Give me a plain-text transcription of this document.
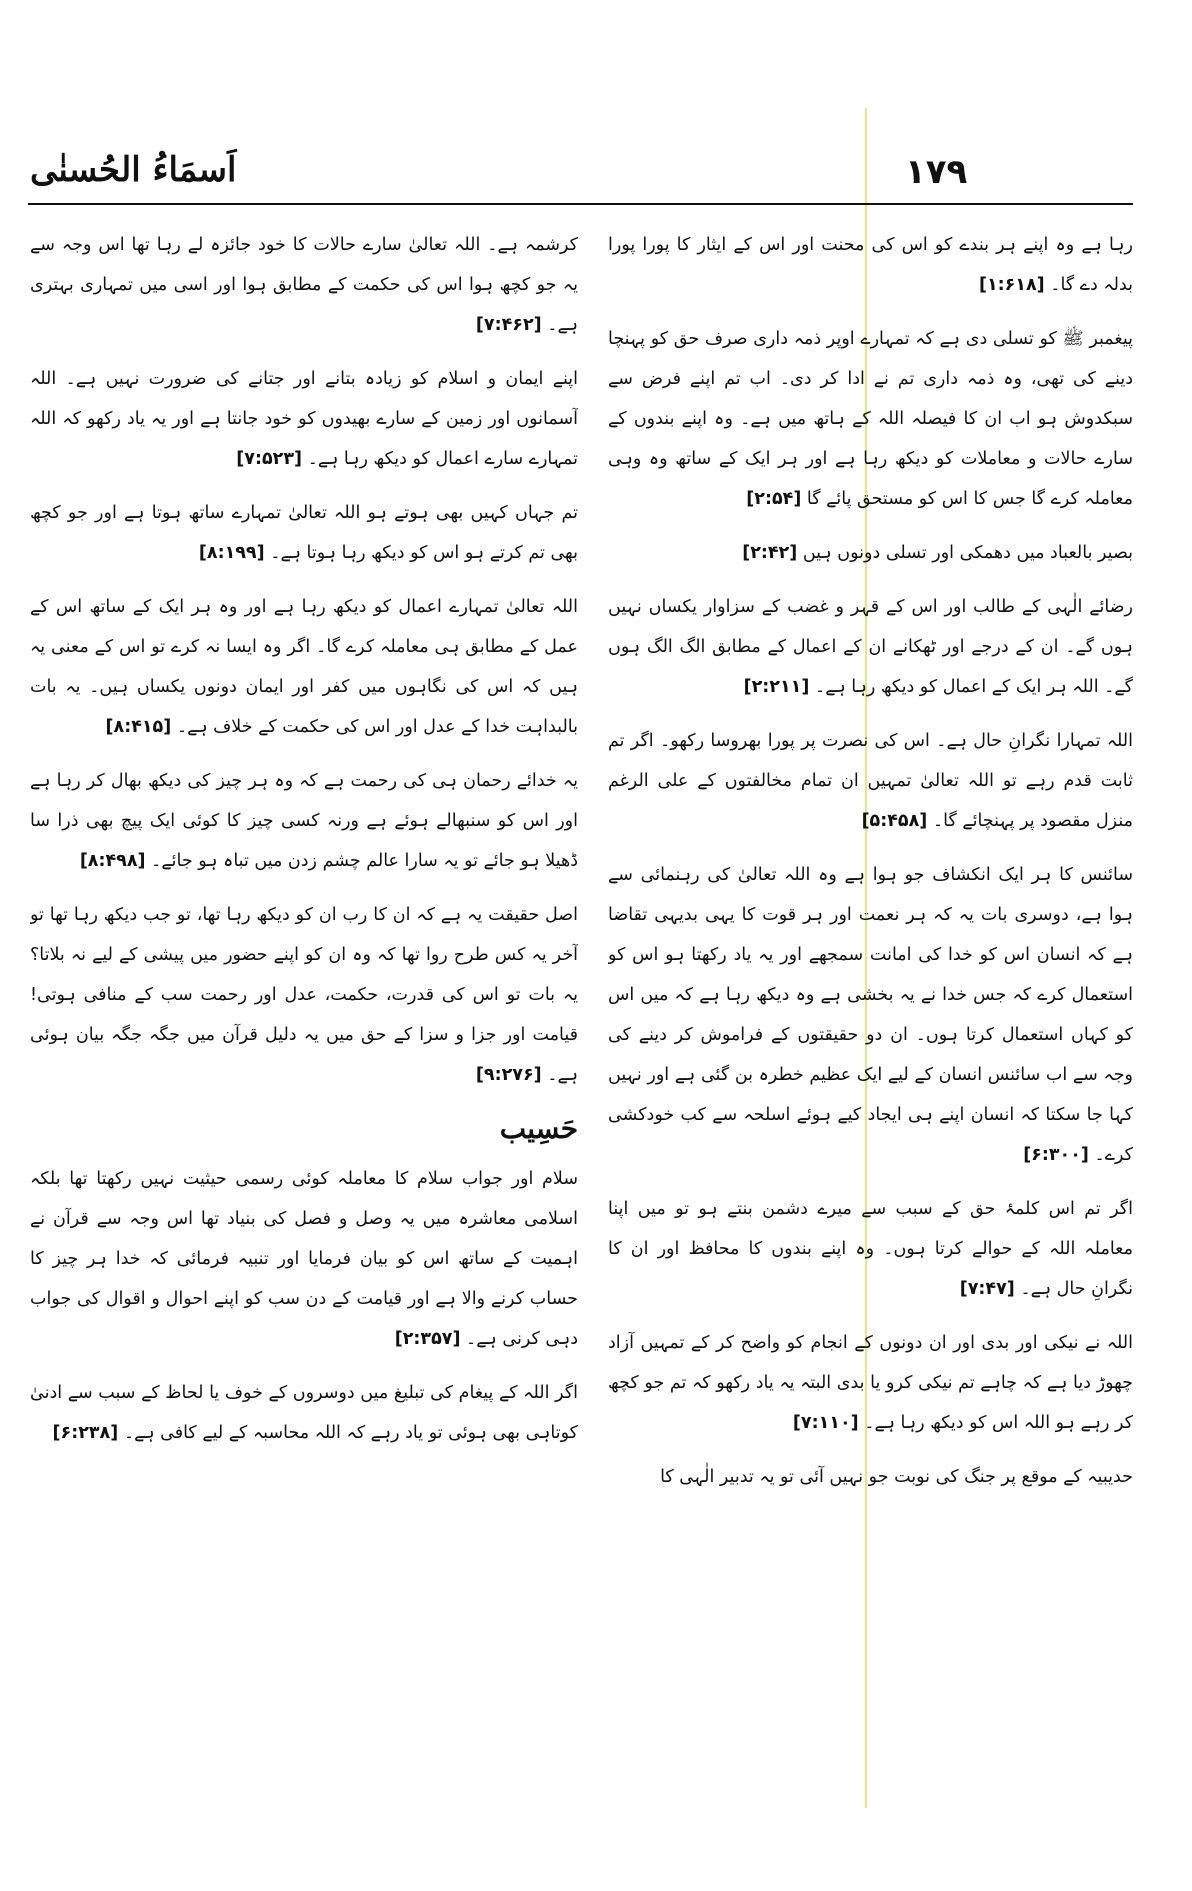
۱۷۹
اَسمَاءُ الحُسنٰی

رہا ہے وہ اپنے ہر بندے کو اس کی محنت اور اس کے ایثار کا پورا پورا بدلہ دے گا۔ [۱:۶۱۸]

پیغمبر ﷺ کو تسلی دی ہے کہ تمہارے اوپر ذمہ داری صرف حق کو پہنچا دینے کی تھی، وہ ذمہ داری تم نے ادا کر دی۔ اب تم اپنے فرض سے سبکدوش ہو اب ان کا فیصلہ اللہ کے ہاتھ میں ہے۔ وہ اپنے بندوں کے سارے حالات و معاملات کو دیکھ رہا ہے اور ہر ایک کے ساتھ وہ وہی معاملہ کرے گا جس کا اس کو مستحق پائے گا [۲:۵۴]

بصیر بالعباد میں دھمکی اور تسلی دونوں ہیں [۲:۴۲]

رضائے الٰہی کے طالب اور اس کے قہر و غضب کے سزاوار یکساں نہیں ہوں گے۔ ان کے درجے اور ٹھکانے ان کے اعمال کے مطابق الگ الگ ہوں گے۔ اللہ ہر ایک کے اعمال کو دیکھ رہا ہے۔ [۲:۲۱۱]

اللہ تمہارا نگرانِ حال ہے۔ اس کی نصرت پر پورا بھروسا رکھو۔ اگر تم ثابت قدم رہے تو اللہ تعالیٰ تمہیں ان تمام مخالفتوں کے علی الرغم منزل مقصود پر پہنچائے گا۔ [۵:۴۵۸]

سائنس کا ہر ایک انکشاف جو ہوا ہے وہ اللہ تعالیٰ کی رہنمائی سے ہوا ہے، دوسری بات یہ کہ ہر نعمت اور ہر قوت کا یہی بدیہی تقاضا ہے کہ انسان اس کو خدا کی امانت سمجھے اور یہ یاد رکھتا ہو اس کو استعمال کرے کہ جس خدا نے یہ بخشی ہے وہ دیکھ رہا ہے کہ میں اس کو کہاں استعمال کرتا ہوں۔ ان دو حقیقتوں کے فراموش کر دینے کی وجہ سے اب سائنس انسان کے لیے ایک عظیم خطرہ بن گئی ہے اور نہیں کہا جا سکتا کہ انسان اپنے ہی ایجاد کیے ہوئے اسلحہ سے کب خودکشی کرے۔ [۶:۳۰۰]

اگر تم اس کلمۂ حق کے سبب سے میرے دشمن بنتے ہو تو میں اپنا معاملہ اللہ کے حوالے کرتا ہوں۔ وہ اپنے بندوں کا محافظ اور ان کا نگرانِ حال ہے۔ [۷:۴۷]

اللہ نے نیکی اور بدی اور ان دونوں کے انجام کو واضح کر کے تمہیں آزاد چھوڑ دیا ہے کہ چاہے تم نیکی کرو یا بدی البتہ یہ یاد رکھو کہ تم جو کچھ کر رہے ہو اللہ اس کو دیکھ رہا ہے۔ [۷:۱۱۰]

حدیبیہ کے موقع پر جنگ کی نوبت جو نہیں آئی تو یہ تدبیر الٰہی کا

کرشمہ ہے۔ اللہ تعالیٰ سارے حالات کا خود جائزہ لے رہا تھا اس وجہ سے یہ جو کچھ ہوا اس کی حکمت کے مطابق ہوا اور اسی میں تمہاری بہتری ہے۔ [۷:۴۶۲]

اپنے ایمان و اسلام کو زیادہ بتانے اور جتانے کی ضرورت نہیں ہے۔ اللہ آسمانوں اور زمین کے سارے بھیدوں کو خود جانتا ہے اور یہ یاد رکھو کہ اللہ تمہارے سارے اعمال کو دیکھ رہا ہے۔ [۷:۵۲۳]

تم جہاں کہیں بھی ہوتے ہو اللہ تعالیٰ تمہارے ساتھ ہوتا ہے اور جو کچھ بھی تم کرتے ہو اس کو دیکھ رہا ہوتا ہے۔ [۸:۱۹۹]

اللہ تعالیٰ تمہارے اعمال کو دیکھ رہا ہے اور وہ ہر ایک کے ساتھ اس کے عمل کے مطابق ہی معاملہ کرے گا۔ اگر وہ ایسا نہ کرے تو اس کے معنی یہ ہیں کہ اس کی نگاہوں میں کفر اور ایمان دونوں یکساں ہیں۔ یہ بات بالبداہت خدا کے عدل اور اس کی حکمت کے خلاف ہے۔ [۸:۴۱۵]

یہ خدائے رحمان ہی کی رحمت ہے کہ وہ ہر چیز کی دیکھ بھال کر رہا ہے اور اس کو سنبھالے ہوئے ہے ورنہ کسی چیز کا کوئی ایک پیچ بھی ذرا سا ڈھیلا ہو جائے تو یہ سارا عالم چشم زدن میں تباہ ہو جائے۔ [۸:۴۹۸]

اصل حقیقت یہ ہے کہ ان کا رب ان کو دیکھ رہا تھا، تو جب دیکھ رہا تھا تو آخر یہ کس طرح روا تھا کہ وہ ان کو اپنے حضور میں پیشی کے لیے نہ بلاتا؟ یہ بات تو اس کی قدرت، حکمت، عدل اور رحمت سب کے منافی ہوتی! قیامت اور جزا و سزا کے حق میں یہ دلیل قرآن میں جگہ جگہ بیان ہوئی ہے۔ [۹:۲۷۶]

حَسِیب

سلام اور جواب سلام کا معاملہ کوئی رسمی حیثیت نہیں رکھتا تھا بلکہ اسلامی معاشرہ میں یہ وصل و فصل کی بنیاد تھا اس وجہ سے قرآن نے اہمیت کے ساتھ اس کو بیان فرمایا اور تنبیہ فرمائی کہ خدا ہر چیز کا حساب کرنے والا ہے اور قیامت کے دن سب کو اپنے احوال و اقوال کی جواب دہی کرنی ہے۔ [۲:۳۵۷]

اگر اللہ کے پیغام کی تبلیغ میں دوسروں کے خوف یا لحاظ کے سبب سے ادنیٰ کوتاہی بھی ہوئی تو یاد رہے کہ اللہ محاسبہ کے لیے کافی ہے۔ [۶:۲۳۸]
